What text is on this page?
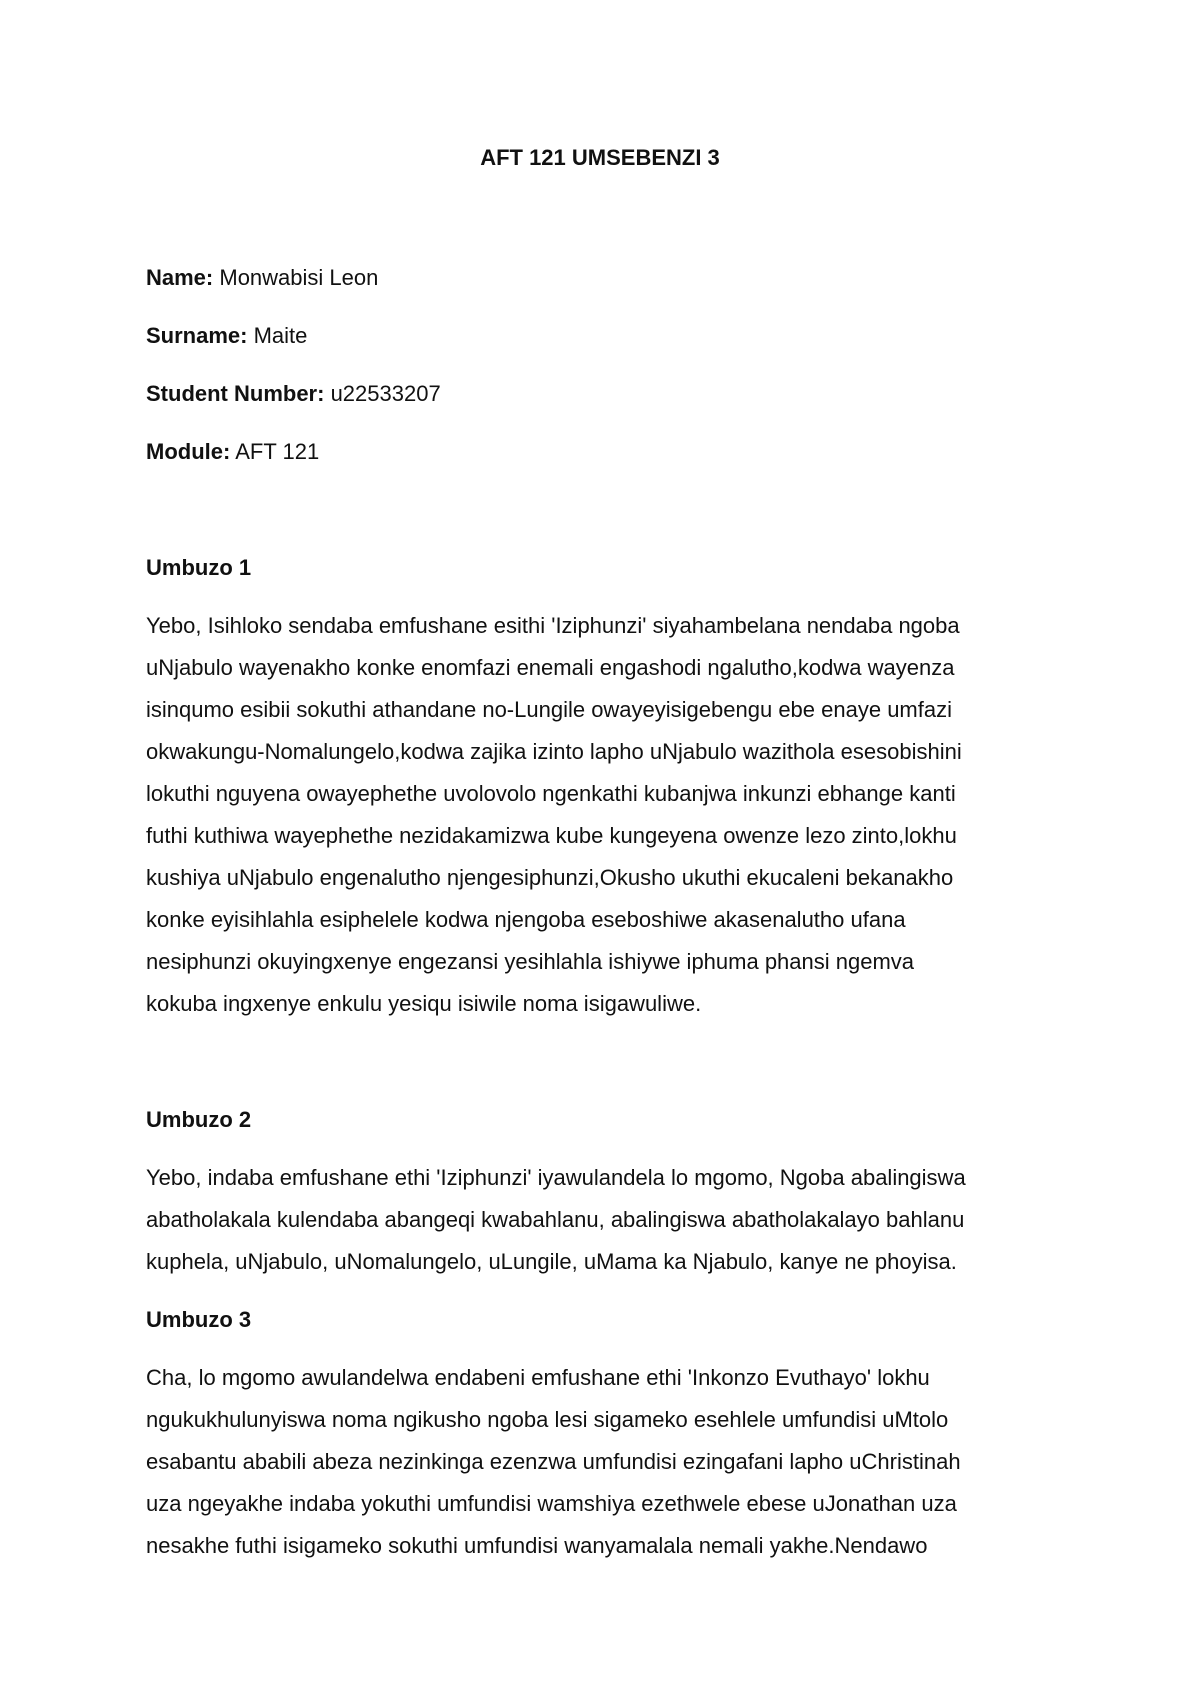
AFT 121 UMSEBENZI 3
Name: Monwabisi Leon
Surname: Maite
Student Number: u22533207
Module: AFT 121
Umbuzo 1
Yebo, Isihloko sendaba emfushane esithi 'Iziphunzi' siyahambelana nendaba ngoba
uNjabulo wayenakho konke enomfazi enemali engashodi ngalutho,kodwa wayenza
isinqumo esibii sokuthi athandane no-Lungile owayeyisigebengu ebe enaye umfazi
okwakungu-Nomalungelo,kodwa zajika izinto lapho uNjabulo wazithola esesobishini
lokuthi nguyena owayephethe uvolovolo ngenkathi kubanjwa inkunzi ebhange kanti
futhi kuthiwa wayephethe nezidakamizwa kube kungeyena owenze lezo zinto,lokhu
kushiya uNjabulo engenalutho njengesiphunzi,Okusho ukuthi ekucaleni bekanakho
konke eyisihlahla esiphelele kodwa njengoba eseboshiwe akasenalutho ufana
nesiphunzi okuyingxenye engezansi yesihlahla ishiywe iphuma phansi ngemva
kokuba ingxenye enkulu yesiqu isiwile noma isigawuliwe.
Umbuzo 2
Yebo, indaba emfushane ethi 'Iziphunzi' iyawulandela lo mgomo, Ngoba abalingiswa
abatholakala kulendaba abangeqi kwabahlanu, abalingiswa abatholakalayo bahlanu
kuphela, uNjabulo, uNomalungelo, uLungile, uMama ka Njabulo, kanye ne phoyisa.
Umbuzo 3
Cha, lo mgomo awulandelwa endabeni emfushane ethi 'Inkonzo Evuthayo' lokhu
ngukukhulunyiswa noma ngikusho ngoba lesi sigameko esehlele umfundisi uMtolo
esabantu ababili abeza nezinkinga ezenzwa umfundisi ezingafani lapho uChristinah
uza ngeyakhe indaba yokuthi umfundisi wamshiya ezethwele ebese uJonathan uza
nesakhe futhi isigameko sokuthi umfundisi wanyamalala nemali yakhe.Nendawo
